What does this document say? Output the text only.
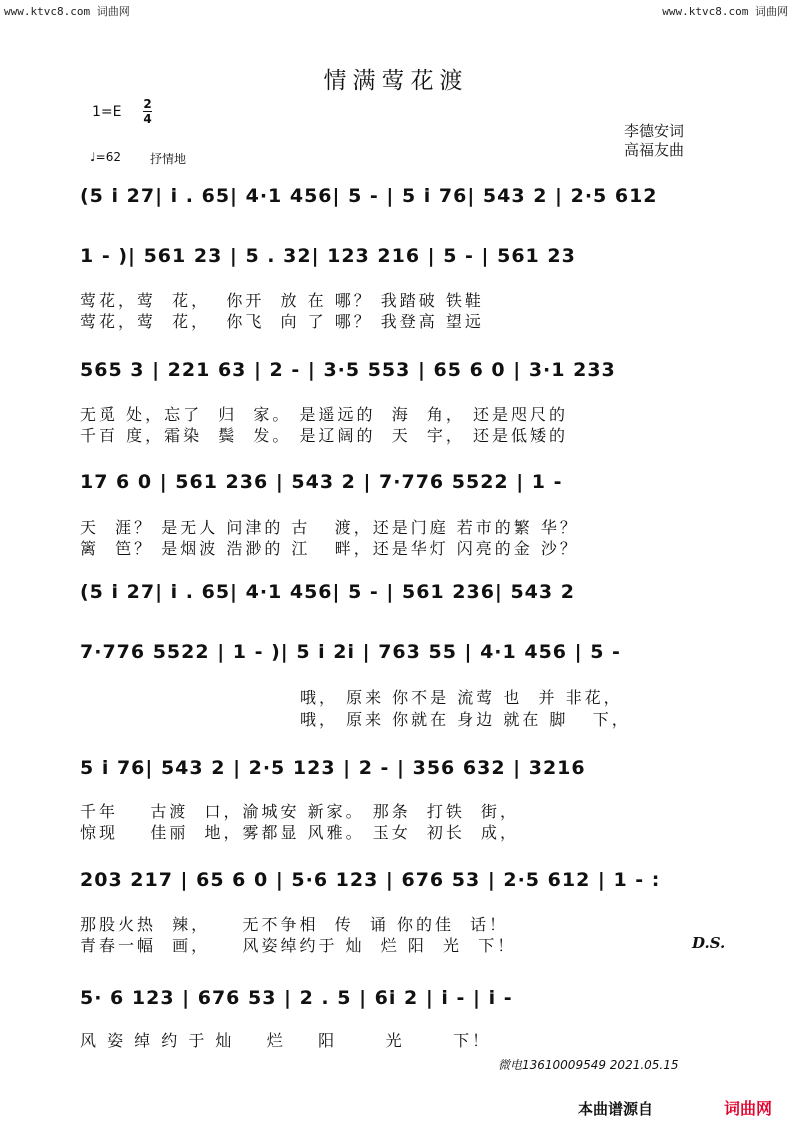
www.ktvc8.com 词曲网	www.ktvc8.com 词曲网
情满莺花渡
1=E 2
4
♩=62 抒情地
李德安词
高福友曲
(5 i 27| i . 65| 4·1 456| 5 - | 5 i 76| 543 2 | 2·5 612
1 - )| 561 23 | 5 . 32| 123 216 | 5 - | 561 23
莺花，莺  花，  你开  放 在 哪？ 我踏破 铁鞋
莺花，莺  花，  你飞  向 了 哪？ 我登高 望远
565 3 | 221 63 | 2 - | 3·5 553 | 65 6 0 | 3·1 233
无觅 处，忘了  归  家。 是遥远的  海  角， 还是咫尺的
千百 度，霜染  鬓  发。 是辽阔的  天  宇， 还是低矮的
17 6 0 | 561 236 | 543 2 | 7·776 5522 | 1 -
天  涯？ 是无人 问津的 古   渡，还是门庭 若市的繁 华？
篱  笆？ 是烟波 浩渺的 江   畔，还是华灯 闪亮的金 沙？
(5 i 27| i . 65| 4·1 456| 5 - | 561 236| 543 2
7·776 5522 | 1 - )| 5 i 2i | 763 55 | 4·1 456 | 5 -
哦， 原来 你不是 流莺 也  并 非花，
哦， 原来 你就在 身边 就在 脚   下，
5 i 76| 543 2 | 2·5 123 | 2 - | 356 632 | 3216
千年    古渡  口，渝城安 新家。 那条  打铁  街，
惊现    佳丽  地，雾都显 风雅。 玉女  初长  成，
203 217 | 65 6 0 | 5·6 123 | 676 53 | 2·5 612 | 1 - :
那股火热  辣，    无不争相  传  诵 你的佳  话！
青春一幅  画，    风姿绰约于 灿  烂 阳  光  下！	D.S.
5· 6 123 | 676 53 | 2 . 5 | 6i 2 | i - | i -
风 姿 绰 约 于 灿    烂    阳      光      下！
微电13610009549 2021.05.15
本曲谱源自	词曲网
